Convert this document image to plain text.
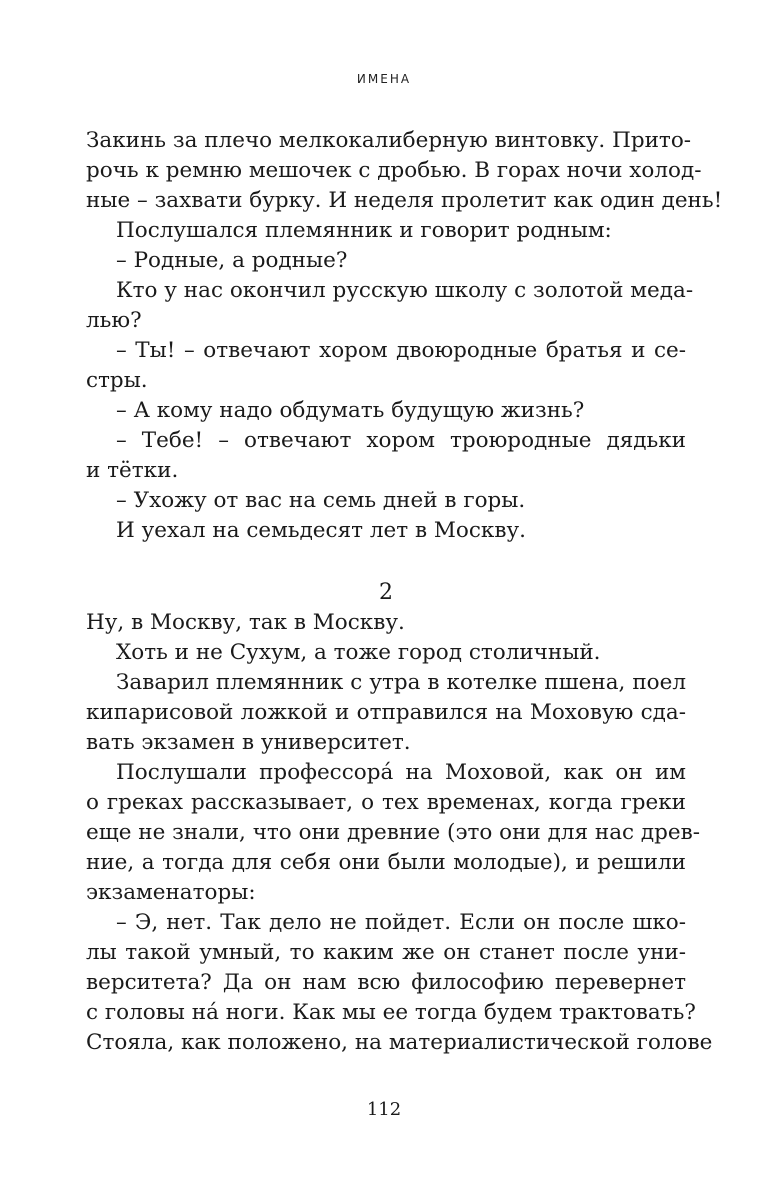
ИМЕНА
Закинь за плечо мелкокалиберную винтовку. Прито-
рочь к ремню мешочек с дробью. В горах ночи холод-
ные – захвати бурку. И неделя пролетит как один день!
Послушался племянник и говорит родным:
– Родные, а родные?
Кто у нас окончил русскую школу с золотой меда-
лью?
– Ты! – отвечают хором двоюродные братья и се-
стры.
– А кому надо обдумать будущую жизнь?
– Тебе! – отвечают хором троюродные дядьки
и тётки.
– Ухожу от вас на семь дней в горы.
И уехал на семьдесят лет в Москву.
2
Ну, в Москву, так в Москву.
Хоть и не Сухум, а тоже город столичный.
Заварил племянник с утра в котелке пшена, поел
кипарисовой ложкой и отправился на Моховую сда-
вать экзамен в университет.
Послушали профессорá на Моховой, как он им
о греках рассказывает, о тех временах, когда греки
еще не знали, что они древние (это они для нас древ-
ние, а тогда для себя они были молодые), и решили
экзаменаторы:
– Э, нет. Так дело не пойдет. Если он после шко-
лы такой умный, то каким же он станет после уни-
верситета? Да он нам всю философию перевернет
с головы нá ноги. Как мы ее тогда будем трактовать?
Стояла, как положено, на материалистической голове
112
